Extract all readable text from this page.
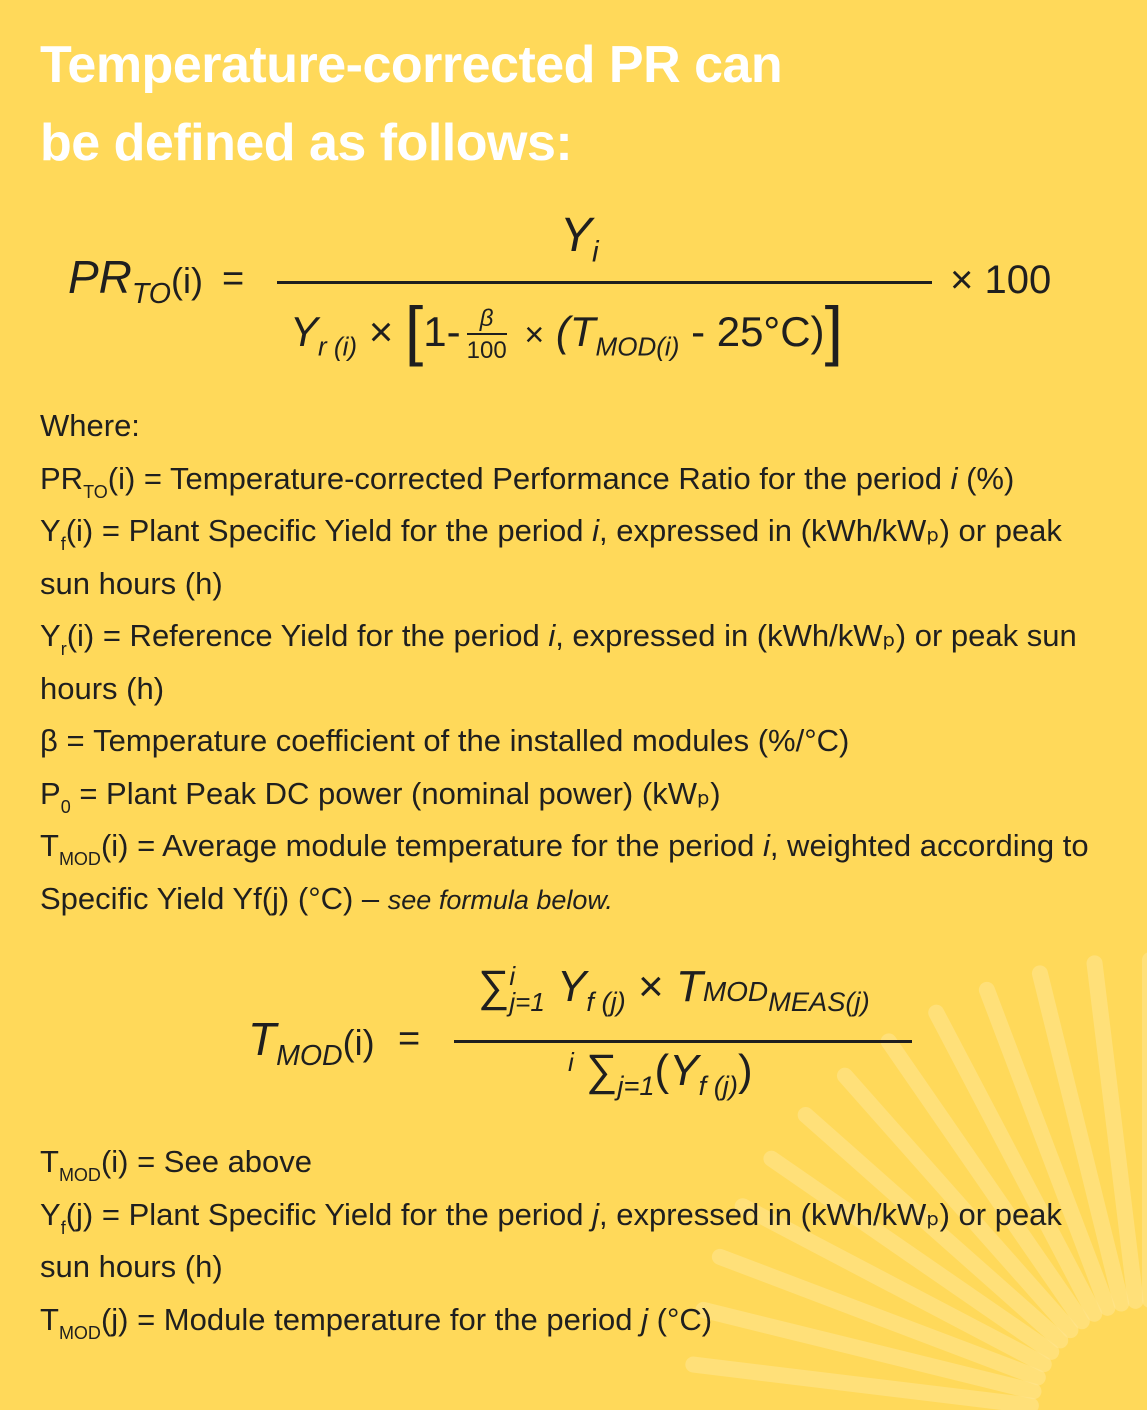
Temperature-corrected PR can
be defined as follows:
$PR_{TO}(i)$ =
$Y_i$
$Y_{r (i)} \times [1- \frac{\beta}{100} \times (T_{MOD(i)} - 25^\circ C)]$
× 100

Where:

$PR_{TO}(i)$ = Temperature-corrected Performance Ratio for the period i (%)

$Y_f(i)$ = Plant Specific Yield for the period i, expressed in (kWh/kWₚ) or peak sun hours (h)

$Y_r(i)$ = Reference Yield for the period i, expressed in (kWh/kWₚ) or peak sun hours (h)

β = Temperature coefficient of the installed modules (%/°C)

$P_0$ = Plant Peak DC power (nominal power) (kWₚ)

$T_{MOD}(i)$ = Average module temperature for the period i, weighted according to Specific Yield Yf(j) (°C) – see formula below.

$T_{MOD}(i)$ =
∑ i
j=1 $Y_{f (j)}$ × $TMOD_{MEAS(j)}$
i $\sum_{j=1}(Y_{f (j)})$

$T_{MOD}(i)$ = See above

$Y_f(j)$ = Plant Specific Yield for the period j, expressed in (kWh/kWₚ) or peak sun hours (h)

$T_{MOD}(j)$ = Module temperature for the period j (°C)
